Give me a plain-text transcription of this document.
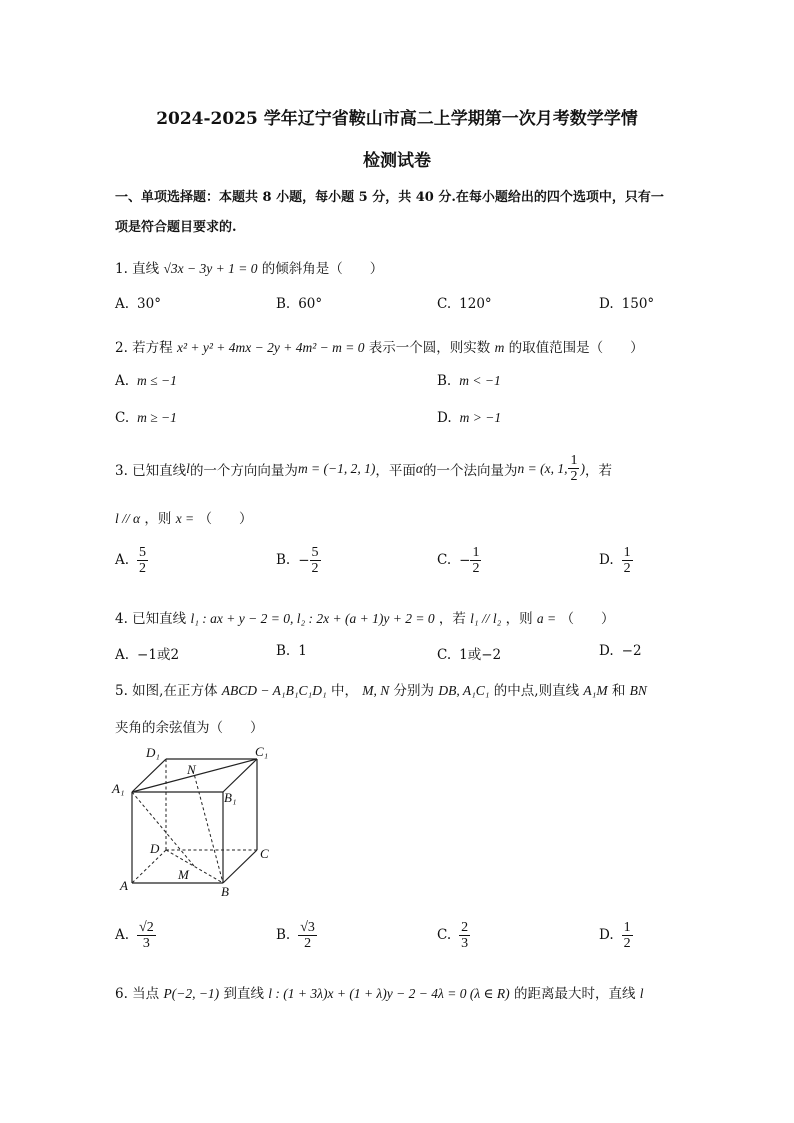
2024-2025 学年辽宁省鞍山市高二上学期第一次月考数学学情
检测试卷
一、单项选择题：本题共 8 小题，每小题 5 分，共 40 分.在每小题给出的四个选项中，只有一
项是符合题目要求的.
1. 直线 √3x − 3y + 1 = 0 的倾斜角是（　　）
A. 30°	B. 60°	C. 120°	D. 150°
2. 若方程 x² + y² + 4mx − 2y + 4m² − m = 0 表示一个圆，则实数 m 的取值范围是（　　）
A. m ≤ −1	B. m < −1
C. m ≥ −1	D. m > −1
3. 已知直线 l 的一个方向向量为 m = (−1, 2, 1) ，平面 α 的一个法向量为 n = (x, 1, $\frac{1}{2}$ ) ，若
l // α ，则 x = （　　）
A. $\frac{5}{2}$	B. − $\frac{5}{2}$	C. − $\frac{1}{2}$	D. $\frac{1}{2}$
4. 已知直线 l₁ : ax + y − 2 = 0, l₂ : 2x + (a + 1)y + 2 = 0 ，若 l₁ // l₂ ，则 a = （　　）
A. −1或2	B. 1	C. 1或−2	D. −2
5. 如图,在正方体 ABCD − A₁B₁C₁D₁ 中， M, N 分别为 DB, A₁C₁ 的中点,则直线 A₁M 和 BN
夹角的余弦值为（　　）
D₁	C₁
N
A₁
B₁
D	C
M
A	B
A. $\frac{√2}{3}$	B. $\frac{√3}{2}$	C. $\frac{2}{3}$	D. $\frac{1}{2}$
6. 当点 P(−2, −1) 到直线 l : (1 + 3λ)x + (1 + λ)y − 2 − 4λ = 0 (λ ∈ R) 的距离最大时，直线 l
